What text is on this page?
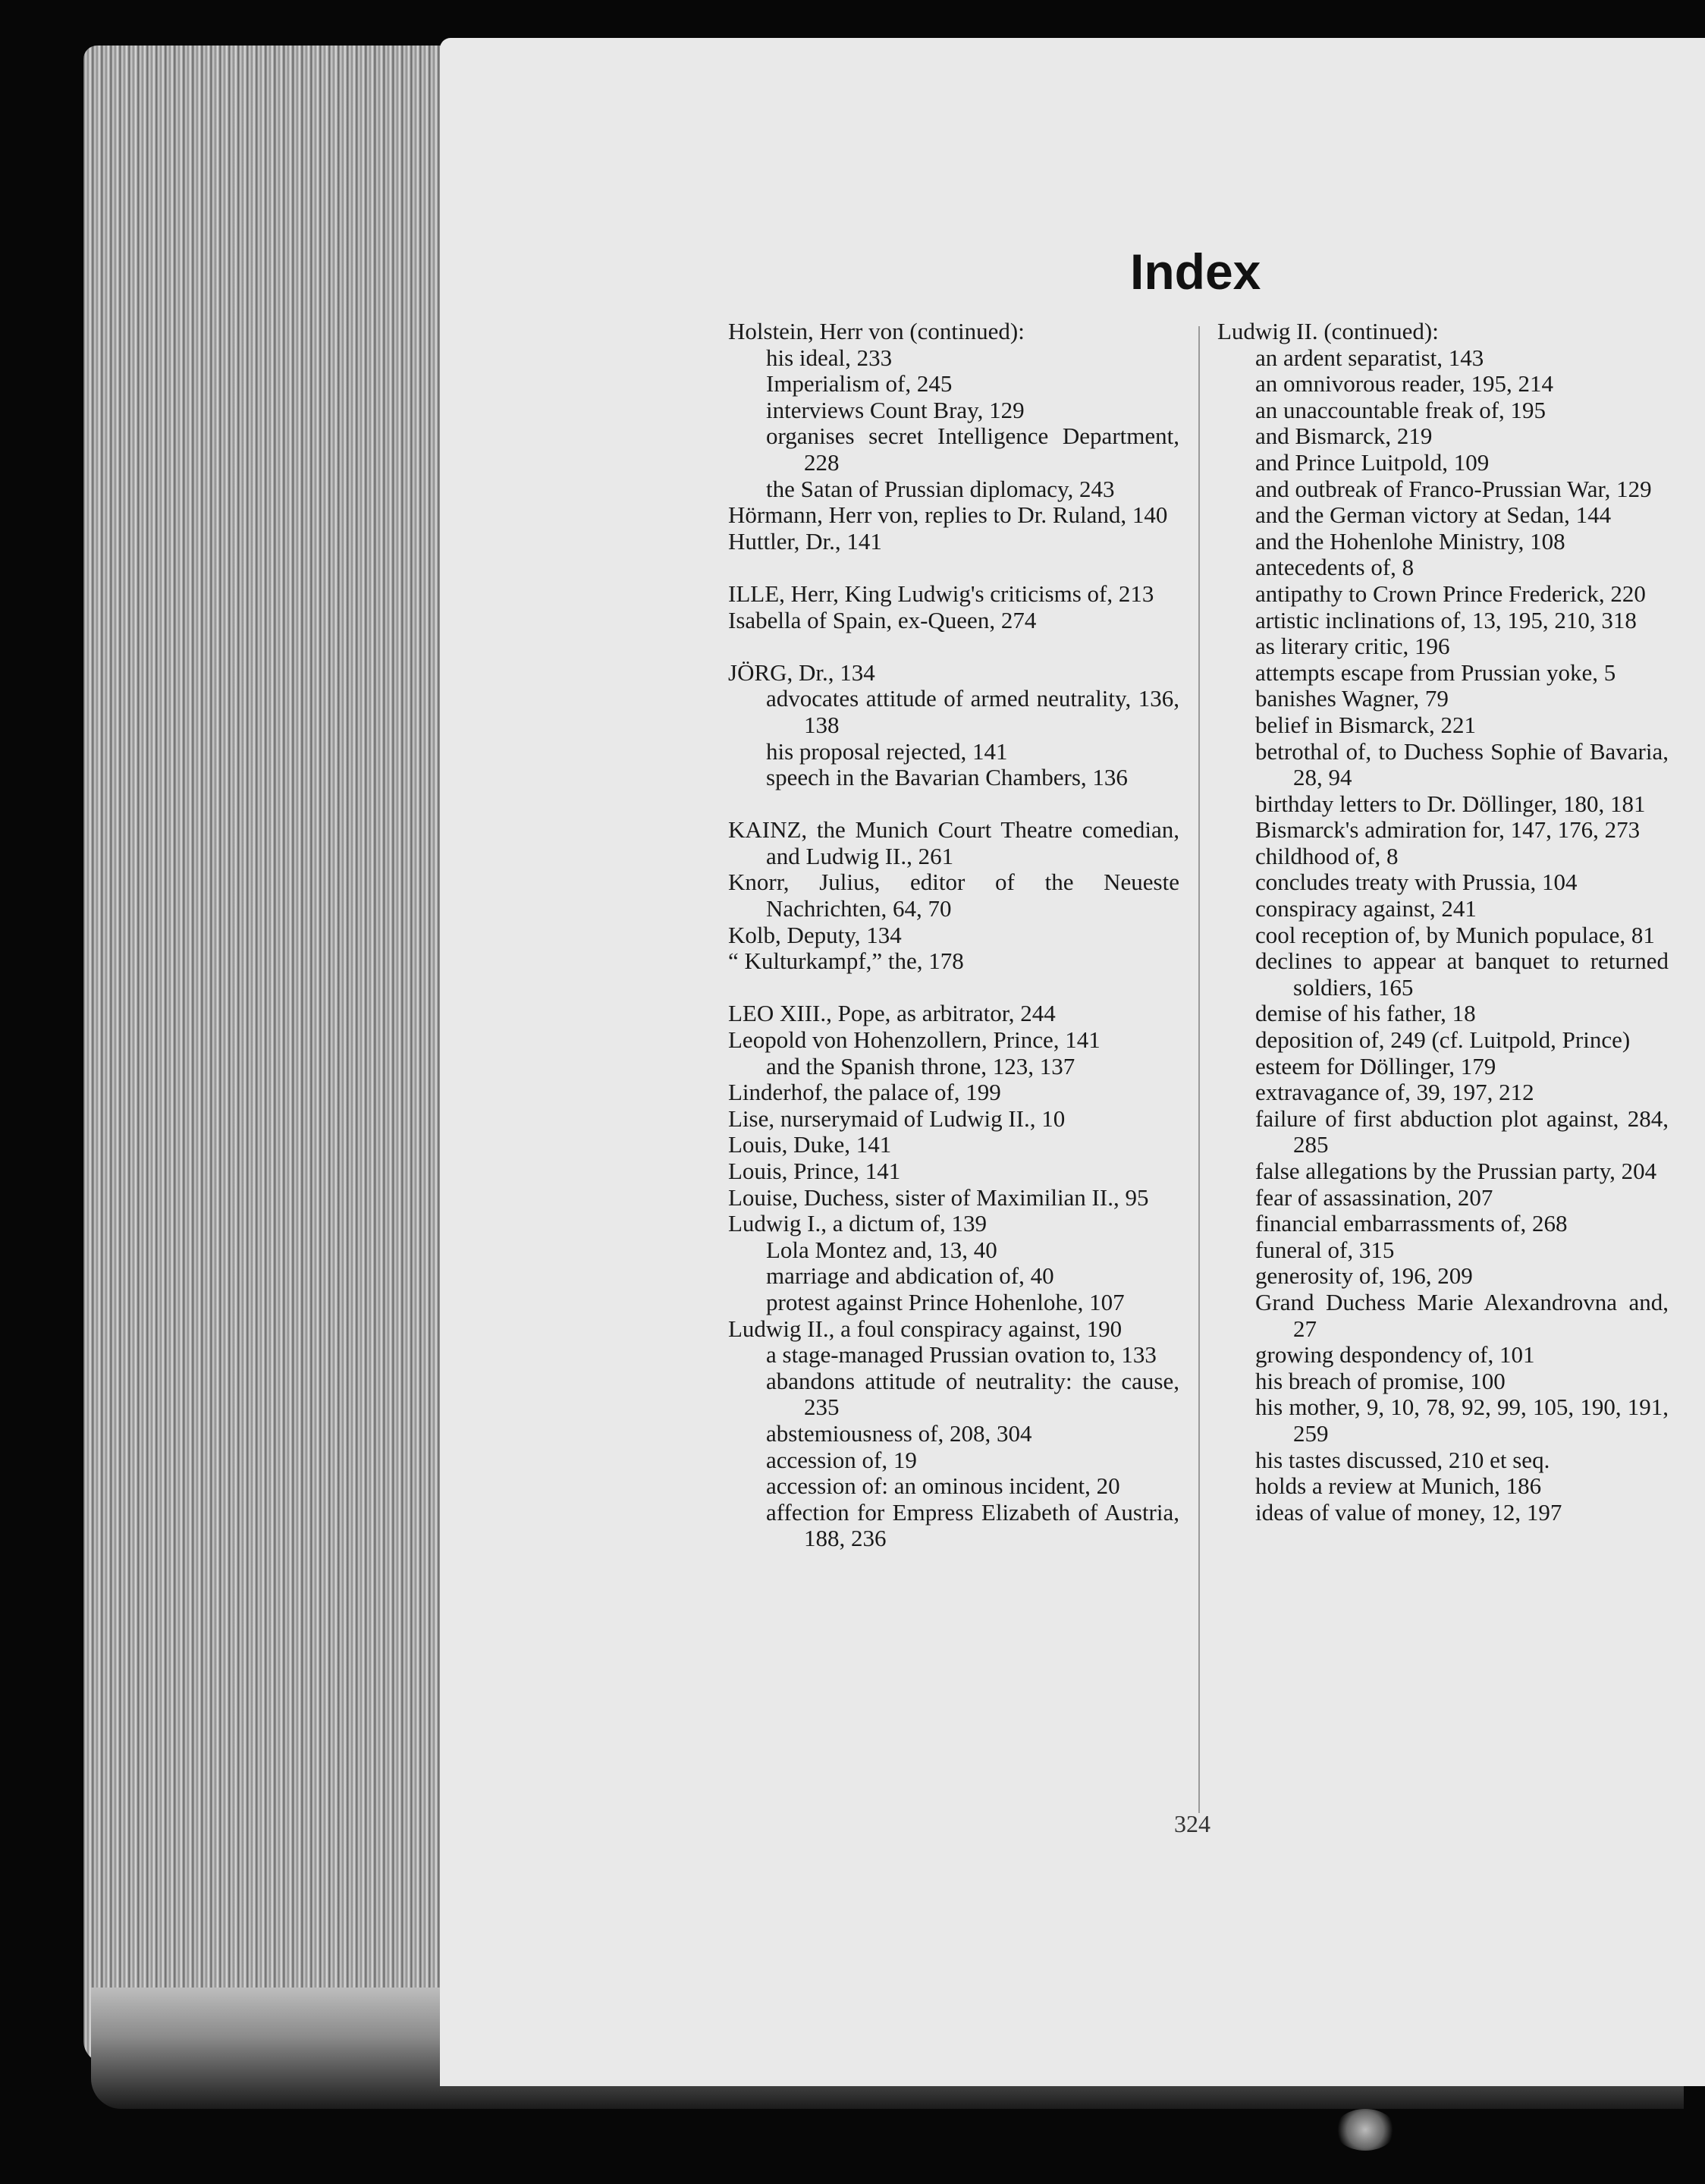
Index
Holstein, Herr von (continued):
his ideal, 233
Imperialism of, 245
interviews Count Bray, 129
organises secret Intelligence Department, 228
the Satan of Prussian diplomacy, 243
Hörmann, Herr von, replies to Dr. Ruland, 140
Huttler, Dr., 141
ILLE, Herr, King Ludwig's criticisms of, 213
Isabella of Spain, ex-Queen, 274
JÖRG, Dr., 134
advocates attitude of armed neutrality, 136, 138
his proposal rejected, 141
speech in the Bavarian Chambers, 136
KAINZ, the Munich Court Theatre comedian, and Ludwig II., 261
Knorr, Julius, editor of the Neueste Nachrichten, 64, 70
Kolb, Deputy, 134
“ Kulturkampf,” the, 178
LEO XIII., Pope, as arbitrator, 244
Leopold von Hohenzollern, Prince, 141
and the Spanish throne, 123, 137
Linderhof, the palace of, 199
Lise, nurserymaid of Ludwig II., 10
Louis, Duke, 141
Louis, Prince, 141
Louise, Duchess, sister of Maximilian II., 95
Ludwig I., a dictum of, 139
Lola Montez and, 13, 40
marriage and abdication of, 40
protest against Prince Hohenlohe, 107
Ludwig II., a foul conspiracy against, 190
a stage-managed Prussian ovation to, 133
abandons attitude of neutrality: the cause, 235
abstemiousness of, 208, 304
accession of, 19
accession of: an ominous incident, 20
affection for Empress Elizabeth of Austria, 188, 236
Ludwig II. (continued):
an ardent separatist, 143
an omnivorous reader, 195, 214
an unaccountable freak of, 195
and Bismarck, 219
and Prince Luitpold, 109
and outbreak of Franco-Prussian War, 129
and the German victory at Sedan, 144
and the Hohenlohe Ministry, 108
antecedents of, 8
antipathy to Crown Prince Frederick, 220
artistic inclinations of, 13, 195, 210, 318
as literary critic, 196
attempts escape from Prussian yoke, 5
banishes Wagner, 79
belief in Bismarck, 221
betrothal of, to Duchess Sophie of Bavaria, 28, 94
birthday letters to Dr. Döllinger, 180, 181
Bismarck's admiration for, 147, 176, 273
childhood of, 8
concludes treaty with Prussia, 104
conspiracy against, 241
cool reception of, by Munich populace, 81
declines to appear at banquet to returned soldiers, 165
demise of his father, 18
deposition of, 249 (cf. Luitpold, Prince)
esteem for Döllinger, 179
extravagance of, 39, 197, 212
failure of first abduction plot against, 284, 285
false allegations by the Prussian party, 204
fear of assassination, 207
financial embarrassments of, 268
funeral of, 315
generosity of, 196, 209
Grand Duchess Marie Alexandrovna and, 27
growing despondency of, 101
his breach of promise, 100
his mother, 9, 10, 78, 92, 99, 105, 190, 191, 259
his tastes discussed, 210 et seq.
holds a review at Munich, 186
ideas of value of money, 12, 197
324
